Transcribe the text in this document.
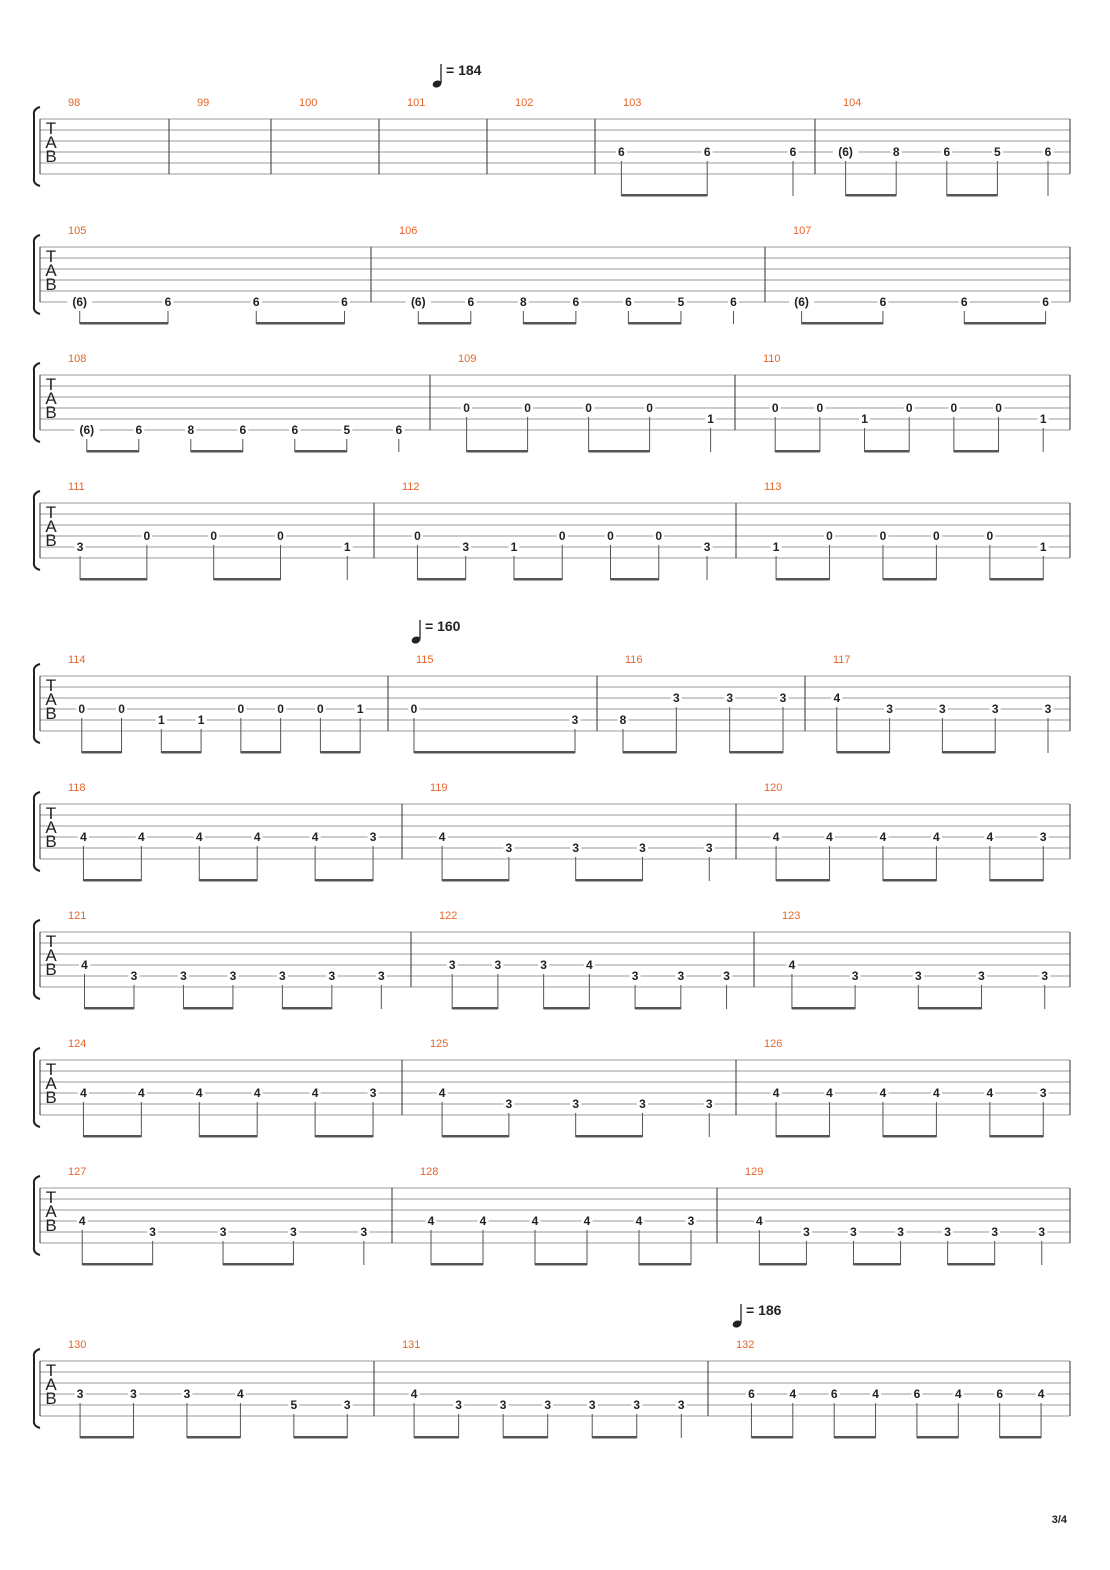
T
A
B
98	99	100	101	102	103
6	6	6
104
(6)	8	6	5	6
T
A
B
105
(6)	6	6	6
106
(6)	6	8	6	6	5	6
107
(6)	6	6	6
T
A
B
108
(6)	6	8	6	6	5	6
109
0	0	0	0
1
110
0	0
1
0	0	0
1
T
A
B
111
3
0	0	0
1
112
0
3	1
0	0	0
3
113
1
0	0	0	0
1
T
A
B
114
0	0
1	1
0	0	0	1
115
0
3
116
8
3	3	3
117
4
3	3	3	3
T
A
B
118
4	4	4	4	4	3
119
4
3	3	3	3
120
4	4	4	4	4	3
T
A
B
121
4
3	3	3	3	3	3
122
3	3	3	4
3	3	3
123
4
3	3	3	3
T
A
B
124
4	4	4	4	4	3
125
4
3	3	3	3
126
4	4	4	4	4	3
T
A
B
127
4
3	3	3	3
128
4	4	4	4	4	3
129
4
3	3	3	3	3	3
T
A
B
130
3	3	3	4
5	3
131
4
3	3	3	3	3	3
132
6	4	6	4	6	4	6	4
= 184
= 160
= 186
3/4
